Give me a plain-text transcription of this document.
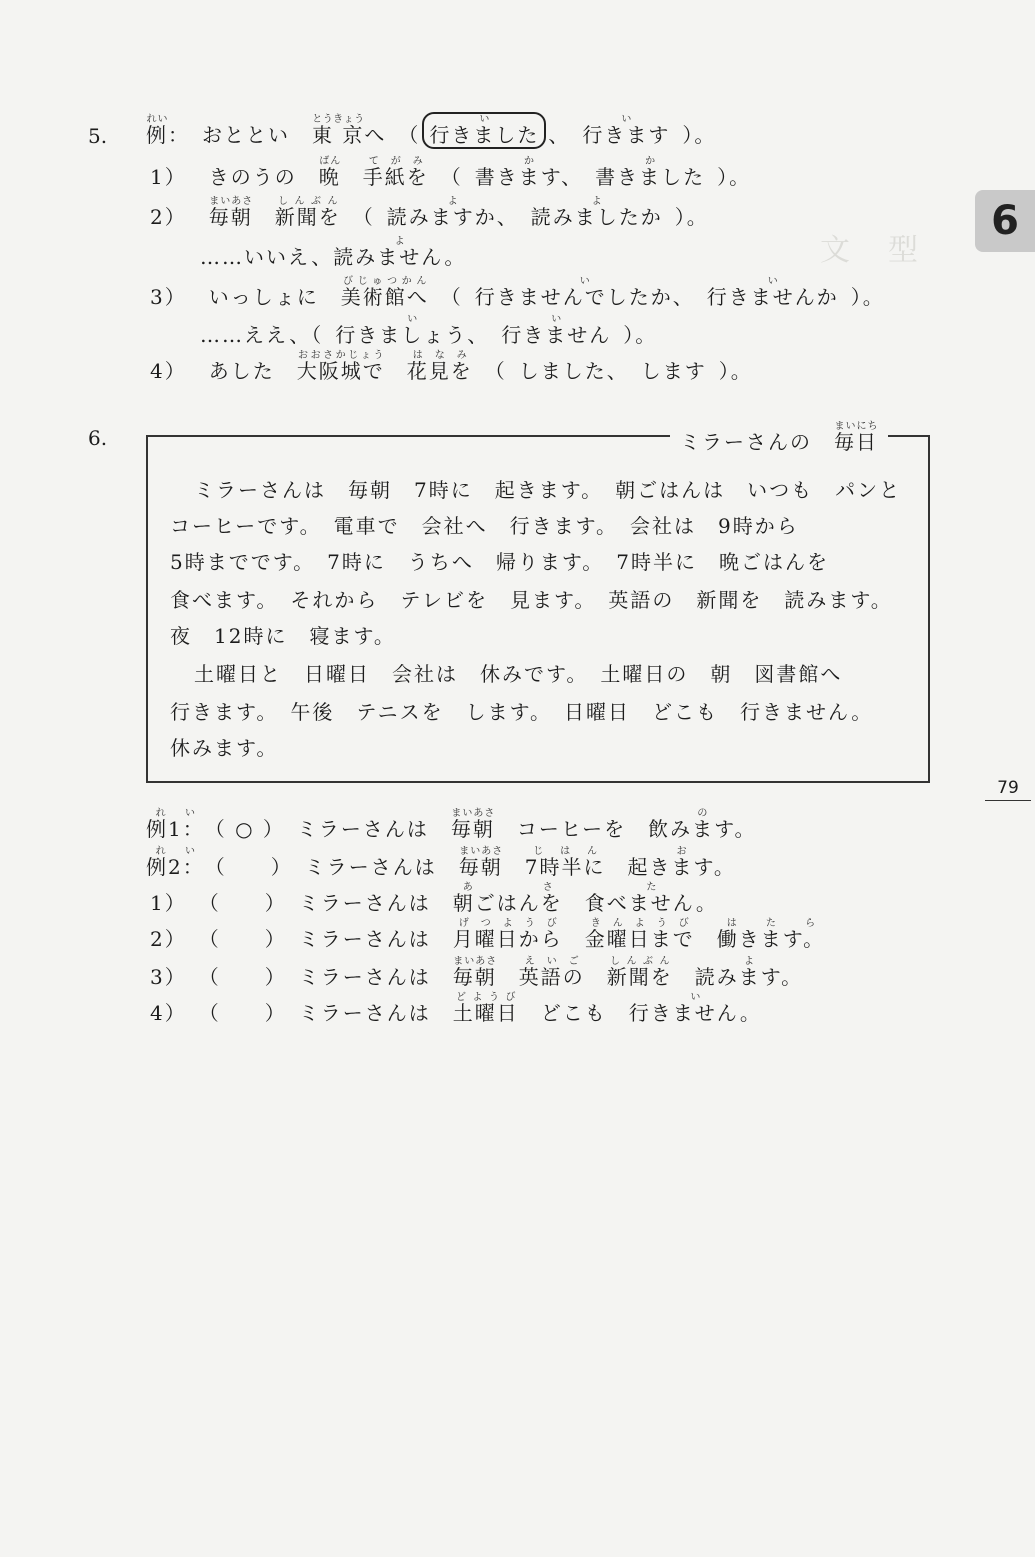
文　型
6
79
5. 例れい： おととい 東 京とうきょうへ （ 行きましたい、 行きますい）。
1） きのうの 晩ばん手紙をてがみ（ 書きます、か書きましたか）。
2） 毎朝まいあさ新聞をしんぶん（ 読みますか、よ読みましたかよ）。
……いいえ、読みません。よ
3） いっしょに 美術館へびじゅつかん（ 行きませんでしたか、い行きませんかい）。
……ええ、（ 行きましょう、い行きませんい）。
4） あした 大阪城でおおさかじょう花見をはなみ（ しました、 します ）。
6.	ミラーさんの 毎日まいにち
ミラーさんは　毎朝　7時に　起きます。　朝ごはんは　いつも　パンと
コーヒーです。　電車で　会社へ　行きます。　会社は　9時から
5時までです。　7時に　うちへ　帰ります。　7時半に　晩ごはんを
食べます。　それから　テレビを　見ます。　英語の　新聞を　読みます。
夜　12時に　寝ます。
土曜日と　日曜日　会社は　休みです。　土曜日の　朝　図書館へ
行きます。　午後　テニスを　します。　日曜日　どこも　行きません。
休みます。
例1：れい（ ○ ） ミラーさんは 毎朝まいあさコーヒーを 飲みます。の
例2：れい（　　） ミラーさんは 毎朝まいあさ7時半にじはん起きます。お
1） （　　） ミラーさんは 朝ごはんをあさ食べません。た
2） （　　） ミラーさんは 月曜日からげつようび金曜日まできんようび働きます。はたら
3） （　　） ミラーさんは 毎朝まいあさ英語のえいご新聞をしんぶん読みます。よ
4） （　　） ミラーさんは 土曜日どようびどこも 行きません。い
